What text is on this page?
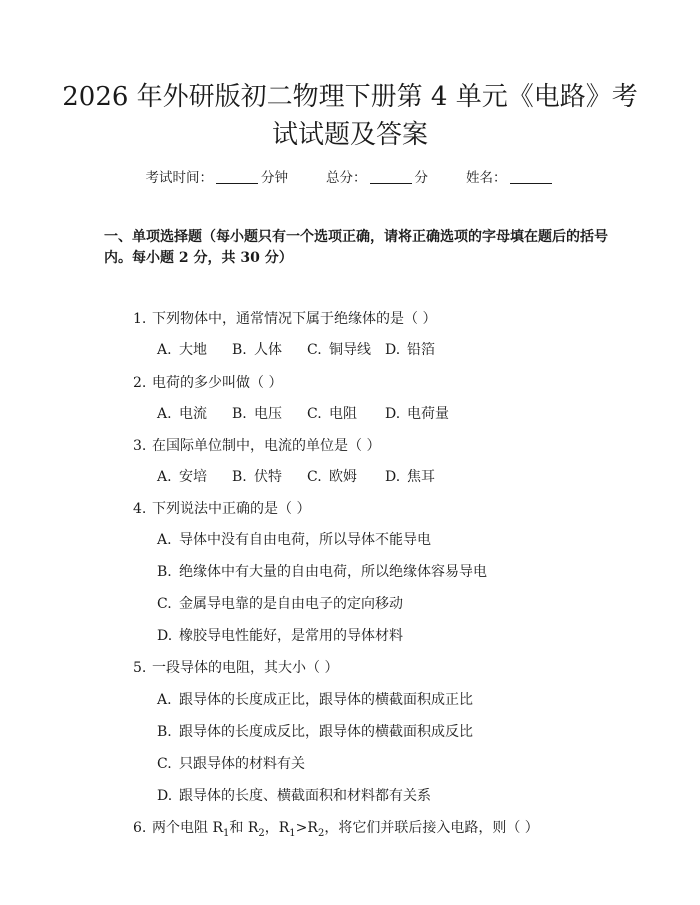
2026 年外研版初二物理下册第 4 单元《电路》考试试题及答案
考试时间：	分钟	总分：	分	姓名：

一、单项选择题（每小题只有一个选项正确，请将正确选项的字母填在题后的括号内。每小题 2 分，共 30 分）

1. 下列物体中，通常情况下属于绝缘体的是（ ）
A. 大地	B. 人体	C. 铜导线	D. 铅箔
2. 电荷的多少叫做（ ）
A. 电流	B. 电压	C. 电阻	D. 电荷量
3. 在国际单位制中，电流的单位是（ ）
A. 安培	B. 伏特	C. 欧姆	D. 焦耳
4. 下列说法中正确的是（ ）
A. 导体中没有自由电荷，所以导体不能导电
B. 绝缘体中有大量的自由电荷，所以绝缘体容易导电
C. 金属导电靠的是自由电子的定向移动
D. 橡胶导电性能好，是常用的导体材料
5. 一段导体的电阻，其大小（ ）
A. 跟导体的长度成正比，跟导体的横截面积成正比
B. 跟导体的长度成反比，跟导体的横截面积成反比
C. 只跟导体的材料有关
D. 跟导体的长度、横截面积和材料都有关系
6. 两个电阻 $R_1$和 $R_2$，$R_1>R_2$，将它们并联后接入电路，则（ ）
